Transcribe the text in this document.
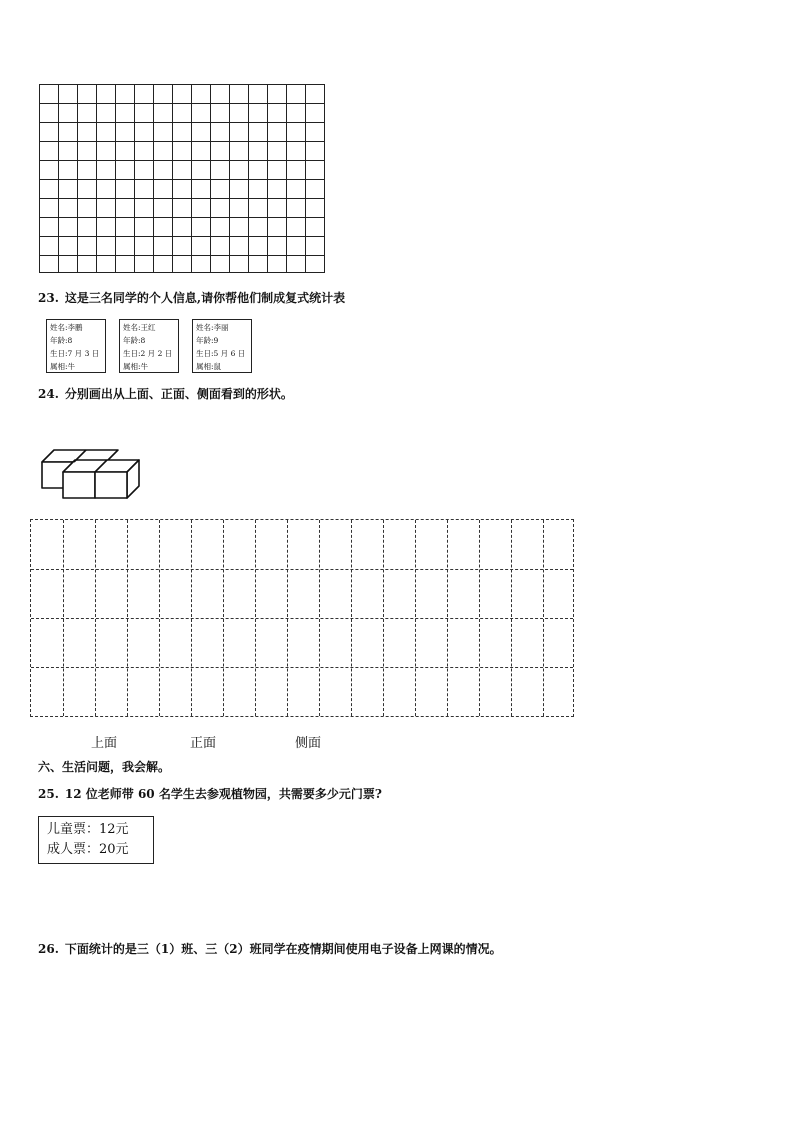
23. 这是三名同学的个人信息,请你帮他们制成复式统计表
姓名:李鹏
年龄:8
生日:7 月 3 日
属相:牛
姓名:王红
年龄:8
生日:2 月 2 日
属相:牛
姓名:李丽
年龄:9
生日:5 月 6 日
属相:鼠
24. 分别画出从上面、正面、侧面看到的形状。
上面	正面	侧面
六、生活问题，我会解。
25. 12 位老师带 60 名学生去参观植物园，共需要多少元门票?
儿童票：12元
成人票：20元
26. 下面统计的是三（1）班、三（2）班同学在疫情期间使用电子设备上网课的情况。
